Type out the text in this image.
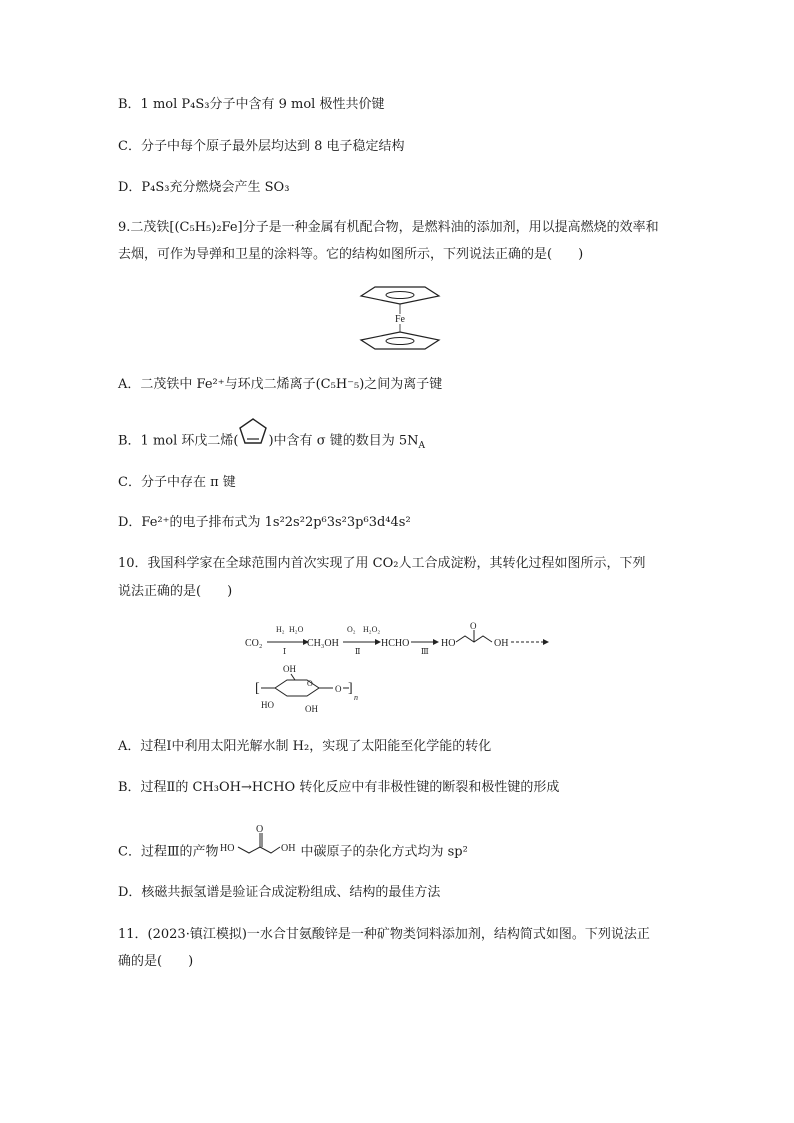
B．1 mol P₄S₃分子中含有 9 mol 极性共价键
C．分子中每个原子最外层均达到 8 电子稳定结构
D．P₄S₃充分燃烧会产生 SO₃
9.二茂铁[(C₅H₅)₂Fe]分子是一种金属有机配合物，是燃料油的添加剂，用以提高燃烧的效率和
去烟，可作为导弹和卫星的涂料等。它的结构如图所示，下列说法正确的是(　　)
Fe
A．二茂铁中 Fe²⁺与环戊二烯离子(C₅H⁻₅)之间为离子键
B．1 mol 环戊二烯( )中含有 σ 键的数目为 $5N_A$
C．分子中存在 π 键
D．Fe²⁺的电子排布式为 1s²2s²2p⁶3s²3p⁶3d⁴4s²
10．我国科学家在全球范围内首次实现了用 CO₂人工合成淀粉，其转化过程如图所示，下列
说法正确的是(　　)
CO₂
H₂ H₂O
Ⅰ
CH₃OH
O₂ H₂O₂
Ⅱ
HCHO
Ⅲ
HO
O
OH
[
OH
O
HO	OH
O ]
n
A．过程Ⅰ中利用太阳光解水制 H₂，实现了太阳能至化学能的转化
B．过程Ⅱ的 CH₃OH→HCHO 转化反应中有非极性键的断裂和极性键的形成
C．过程Ⅲ的产物 HO
O
OH 中碳原子的杂化方式均为 sp²
D．核磁共振氢谱是验证合成淀粉组成、结构的最佳方法
11．(2023·镇江模拟)一水合甘氨酸锌是一种矿物类饲料添加剂，结构简式如图。下列说法正
确的是(　　)
